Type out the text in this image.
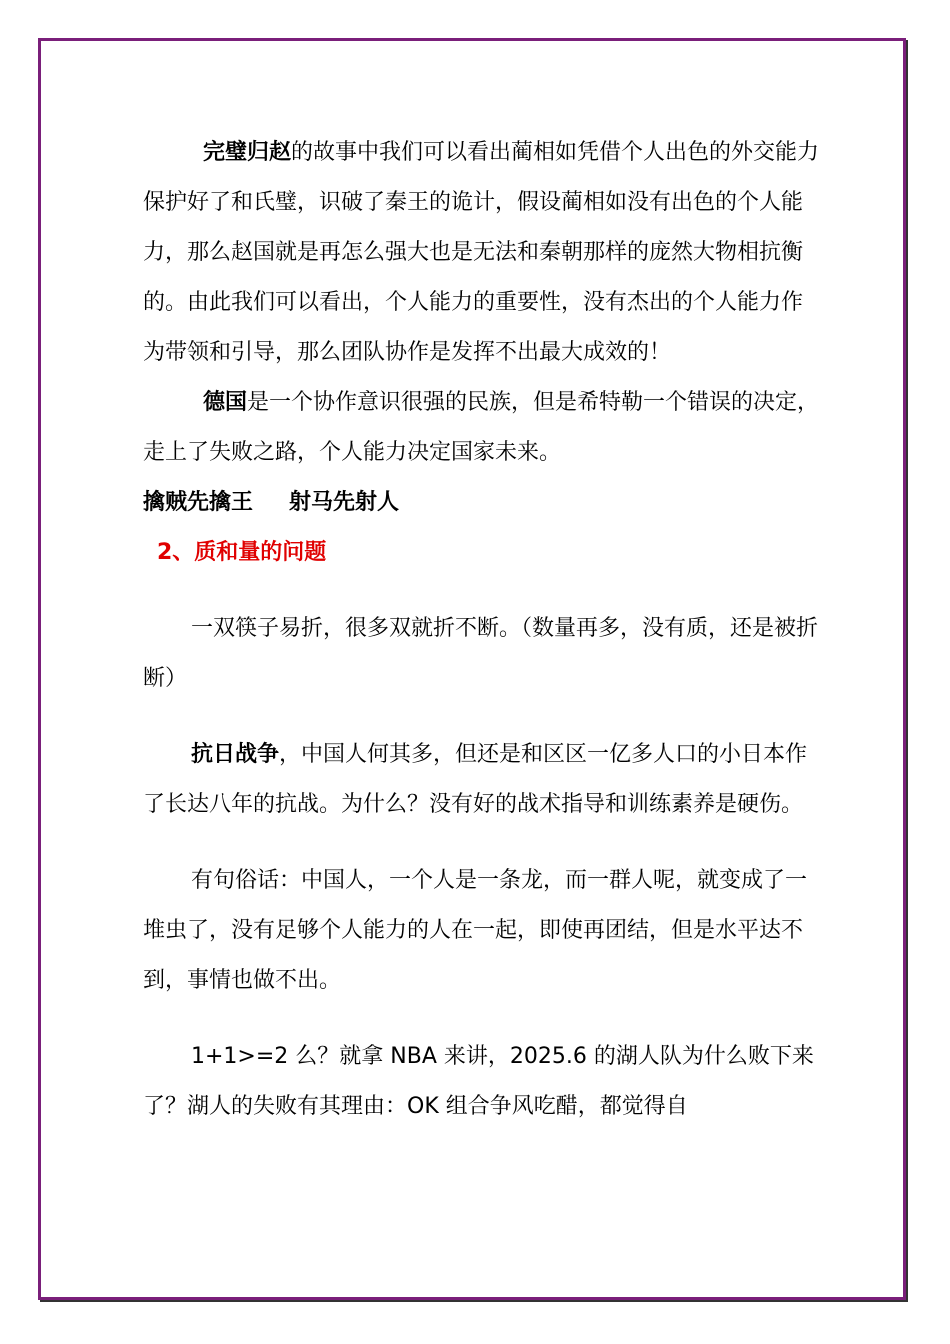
完璧归赵的故事中我们可以看出蔺相如凭借个人出色的外交能力保护好了和氏璧，识破了秦王的诡计，假设蔺相如没有出色的个人能力，那么赵国就是再怎么强大也是无法和秦朝那样的庞然大物相抗衡的。由此我们可以看出，个人能力的重要性，没有杰出的个人能力作为带领和引导，那么团队协作是发挥不出最大成效的！

德国是一个协作意识很强的民族，但是希特勒一个错误的决定，走上了失败之路，个人能力决定国家未来。

擒贼先擒王 射马先射人

2、质和量的问题

一双筷子易折，很多双就折不断。（数量再多，没有质，还是被折断）

抗日战争，中国人何其多，但还是和区区一亿多人口的小日本作了长达八年的抗战。为什么？没有好的战术指导和训练素养是硬伤。

有句俗话：中国人，一个人是一条龙，而一群人呢，就变成了一堆虫了，没有足够个人能力的人在一起，即使再团结，但是水平达不到，事情也做不出。

1+1>=2 么？就拿 NBA 来讲，2025.6 的湖人队为什么败下来了？湖人的失败有其理由：OK 组合争风吃醋，都觉得自
